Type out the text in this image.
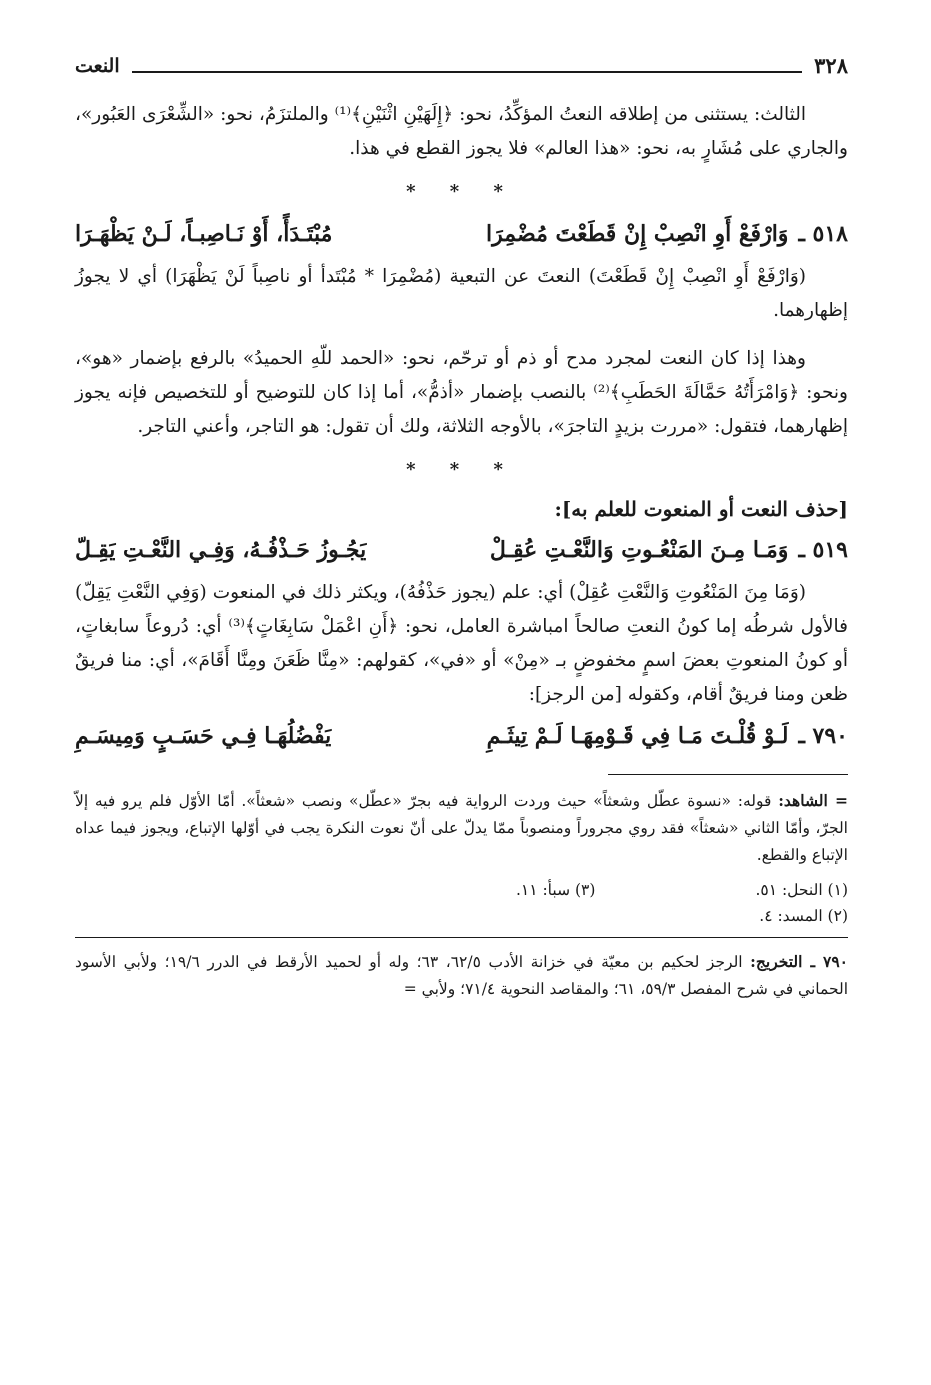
٣٢٨
النعت

الثالث: يستثنى من إطلاقه النعتُ المؤكِّدُ، نحو: ﴿إِلَهَيْنِ اثْنَيْنِ﴾⁽¹⁾ والملتزَمُ، نحو: «الشِّعْرَى العَبُور»، والجاري على مُشَارٍ به، نحو: «هذا العالم» فلا يجوز القطع في هذا.

* * *
٥١٨ ـ
وَارْفَعْ أَوِ انْصِبْ إِنْ قَطَعْتَ مُضْمِرَا
مُبْتَـدَأً، أَوْ نَـاصِبـاً، لَـنْ يَظْهَـرَا

(وَارْفَعْ أَوِ انْصِبْ إِنْ قَطَعْتَ) النعتَ عن التبعية (مُضْمِرَا * مُبْتَدأ أو ناصِباً لَنْ يَظْهَرَا) أي لا يجوزُ إظهارهما.

وهذا إذا كان النعت لمجرد مدح أو ذم أو ترحّم، نحو: «الحمد للّهِ الحميدُ» بالرفع بإضمار «هو»، ونحو: ﴿وَامْرَأَتُهُ حَمَّالَةَ الحَطَبِ﴾⁽²⁾ بالنصب بإضمار «أذمُّ»، أما إذا كان للتوضيح أو للتخصيص فإنه يجوز إظهارهما، فتقول: «مررت بزيدٍ التاجرَ»، بالأوجه الثلاثة، ولك أن تقول: هو التاجر، وأعني التاجر.

* * *
[حذف النعت أو المنعوت للعلم به]:
٥١٩ ـ
وَمَـا مِـنَ المَنْعُـوتِ وَالنَّعْـتِ عُقِـلْ
يَجُـوزُ حَـذْفُـهُ، وَفِـي النَّعْـتِ يَقِـلّ

(وَمَا مِنَ المَنْعُوتِ وَالنَّعْتِ عُقِلْ) أي: علم (يجوز حَذْفُهُ)، ويكثر ذلك في المنعوت (وَفِي النَّعْتِ يَقِلّ) فالأول شرطُه إما كونُ النعتِ صالحاً امباشرة العامل، نحو: ﴿أَنِ اعْمَلْ سَابِغَاتٍ﴾⁽³⁾ أي: دُروعاً سابغاتٍ، أو كونُ المنعوتِ بعضَ اسمٍ مخفوضٍ بـ «مِنْ» أو «في»، كقولهم: «مِنَّا ظَعَنَ ومِنَّا أَقَامَ»، أي: منا فريقٌ ظعن ومنا فريقٌ أقام، وكقوله [من الرجز]:

٧٩٠ ـ
لَـوْ قُلْـتَ مَـا فِي قَـوْمِهَـا لَـمْ تِيثَـمِ
يَفْضُلُهَـا فِـي حَسَـبٍ وَمِيسَـمِ

= الشاهد: قوله: «نسوة عطّل وشعثاً» حيث وردت الرواية فيه بجرّ «عطّل» ونصب «شعثاً». أمّا الأوّل فلم يرو فيه إلاّ الجرّ، وأمّا الثاني «شعثاً» فقد روي مجروراً ومنصوباً ممّا يدلّ على أنّ نعوت النكرة يجب في أوّلها الإتباع، ويجوز فيما عداه الإتباع والقطع.

(١) النحل: ٥١.
(٢) المسد: ٤.
(٣) سبأ: ١١.

٧٩٠ ـ التخريج: الرجز لحكيم بن معيّة في خزانة الأدب ٦٢/٥، ٦٣؛ وله أو لحميد الأرقط في الدرر ١٩/٦؛ ولأبي الأسود الحماني في شرح المفصل ٥٩/٣، ٦١؛ والمقاصد النحوية ٧١/٤؛ ولأبي =
